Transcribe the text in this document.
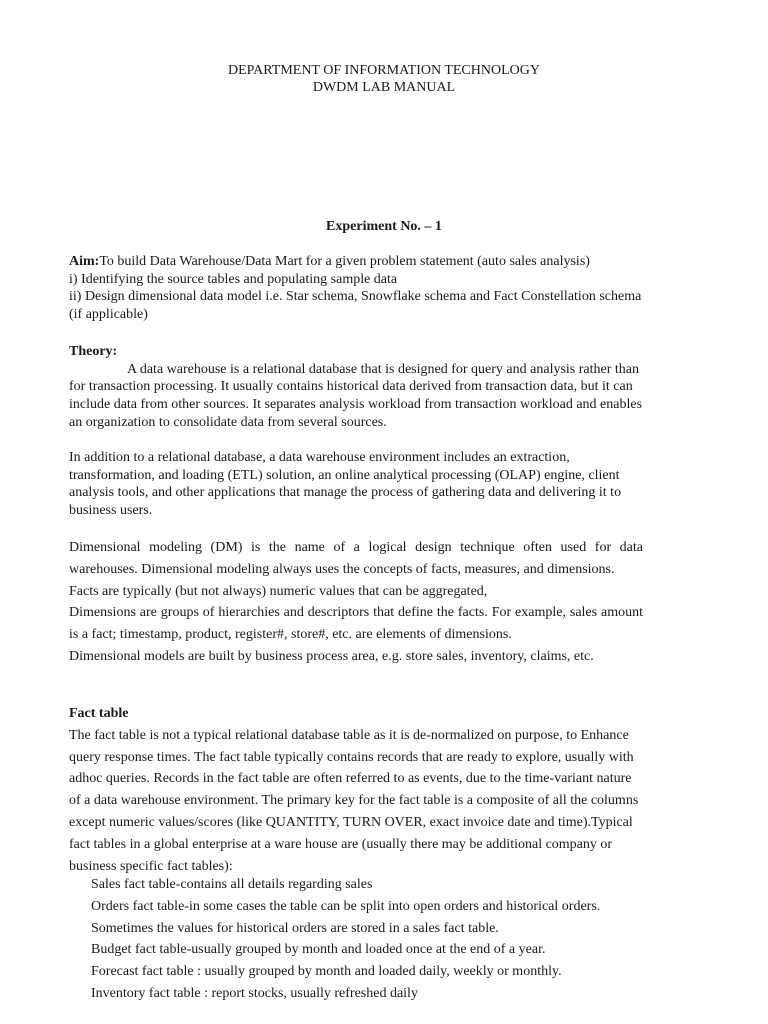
DEPARTMENT OF INFORMATION TECHNOLOGY
DWDM LAB MANUAL
Experiment No. – 1

Aim:To build Data Warehouse/Data Mart for a given problem statement (auto sales analysis)

i) Identifying the source tables and populating sample data

ii) Design dimensional data model i.e. Star schema, Snowflake schema and Fact Constellation schema (if applicable)

Theory:

A data warehouse is a relational database that is designed for query and analysis rather than for transaction processing. It usually contains historical data derived from transaction data, but it can include data from other sources. It separates analysis workload from transaction workload and enables an organization to consolidate data from several sources.

In addition to a relational database, a data warehouse environment includes an extraction, transformation, and loading (ETL) solution, an online analytical processing (OLAP) engine, client analysis tools, and other applications that manage the process of gathering data and delivering it to business users.

Dimensional modeling (DM) is the name of a logical design technique often used for data warehouses. Dimensional modeling always uses the concepts of facts, measures, and dimensions.

Facts are typically (but not always) numeric values that can be aggregated,

Dimensions are groups of hierarchies and descriptors that define the facts. For example, sales amount is a fact; timestamp, product, register#, store#, etc. are elements of dimensions.

Dimensional models are built by business process area, e.g. store sales, inventory, claims, etc.

Fact table

The fact table is not a typical relational database table as it is de-normalized on purpose, to Enhance query response times. The fact table typically contains records that are ready to explore, usually with adhoc queries. Records in the fact table are often referred to as events, due to the time-variant nature of a data warehouse environment. The primary key for the fact table is a composite of all the columns except numeric values/scores (like QUANTITY, TURN OVER, exact invoice date and time).Typical fact tables in a global enterprise at a ware house are (usually there may be additional company or business specific fact tables):

Sales fact table-contains all details regarding sales
Orders fact table-in some cases the table can be split into open orders and historical orders.
Sometimes the values for historical orders are stored in a sales fact table.
Budget fact table-usually grouped by month and loaded once at the end of a year.
Forecast fact table : usually grouped by month and loaded daily, weekly or monthly.
Inventory fact table : report stocks, usually refreshed daily
